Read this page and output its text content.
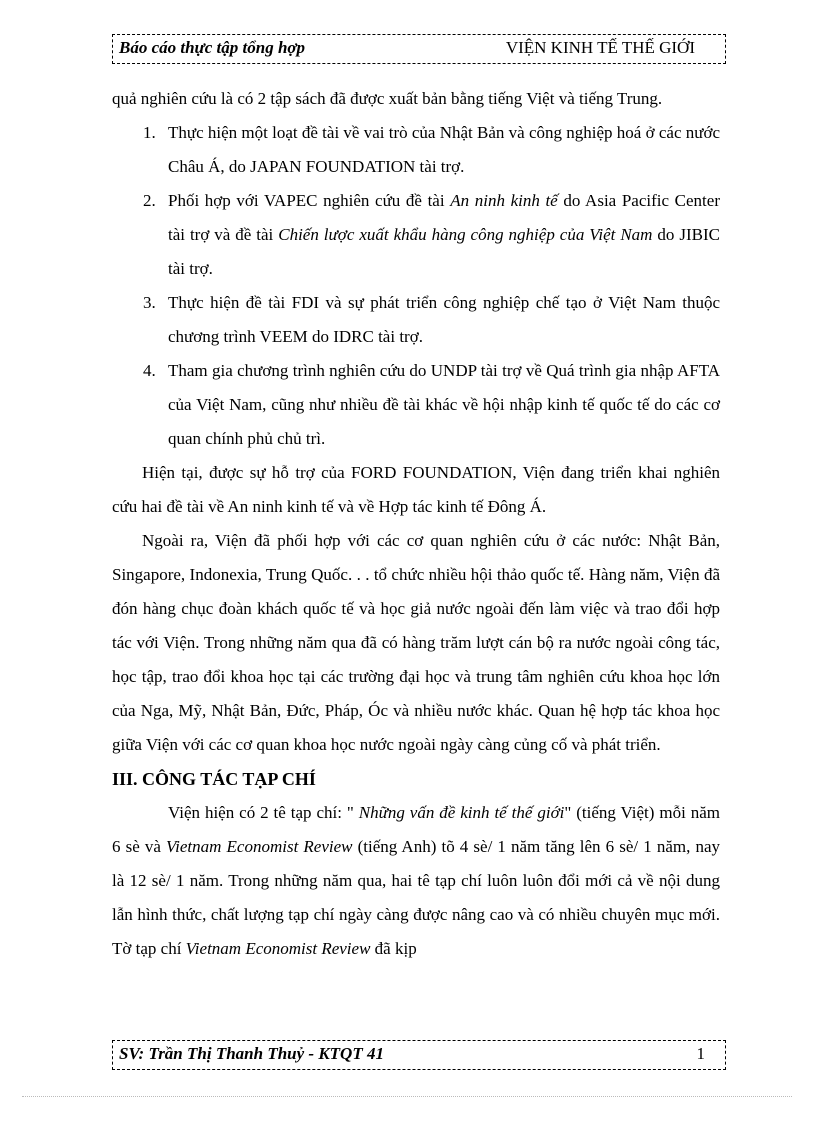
Báo cáo thực tập tổng hợp	VIỆN KINH TẾ THẾ GIỚI

quả nghiên cứu là có 2 tập sách đã được xuất bản bằng tiếng Việt và tiếng Trung.

1. Thực hiện một loạt đề tài về vai trò của Nhật Bản và công nghiệp hoá ở các nước Châu Á, do JAPAN FOUNDATION tài trợ.
2. Phối hợp với VAPEC nghiên cứu đề tài An ninh kinh tế do Asia Pacific Center tài trợ và đề tài Chiến lược xuất khẩu hàng công nghiệp của Việt Nam do JIBIC tài trợ.
3. Thực hiện đề tài FDI và sự phát triển công nghiệp chế tạo ở Việt Nam thuộc chương trình VEEM do IDRC tài trợ.
4. Tham gia chương trình nghiên cứu do UNDP tài trợ về Quá trình gia nhập AFTA của Việt Nam, cũng như nhiều đề tài khác về hội nhập kinh tế quốc tế do các cơ quan chính phủ chủ trì.

Hiện tại, được sự hỗ trợ của FORD FOUNDATION, Viện đang triển khai nghiên cứu hai đề tài về An ninh kinh tế và về Hợp tác kinh tế Đông Á.

Ngoài ra, Viện đã phối hợp với các cơ quan nghiên cứu ở các nước: Nhật Bản, Singapore, Indonexia, Trung Quốc. . . tổ chức nhiều hội thảo quốc tế. Hàng năm, Viện đã đón hàng chục đoàn khách quốc tế và học giả nước ngoài đến làm việc và trao đổi hợp tác với Viện. Trong những năm qua đã có hàng trăm lượt cán bộ ra nước ngoài công tác, học tập, trao đổi khoa học tại các trường đại học và trung tâm nghiên cứu khoa học lớn của Nga, Mỹ, Nhật Bản, Đức, Pháp, Óc và nhiều nước khác. Quan hệ hợp tác khoa học giữa Viện với các cơ quan khoa học nước ngoài ngày càng củng cố và phát triển.

III. CÔNG TÁC TẠP CHÍ

Viện hiện có 2 tê tạp chí: " Những vấn đề kinh tế thế giới" (tiếng Việt) mỗi năm 6 sè và Vietnam Economist Review (tiếng Anh) tõ 4 sè/ 1 năm tăng lên 6 sè/ 1 năm, nay là 12 sè/ 1 năm. Trong những năm qua, hai tê tạp chí luôn luôn đổi mới cả về nội dung lẫn hình thức, chất lượng tạp chí ngày càng được nâng cao và có nhiều chuyên mục mới. Tờ tạp chí Vietnam Economist Review đã kịp

SV: Trần Thị Thanh Thuỷ - KTQT 41	1
